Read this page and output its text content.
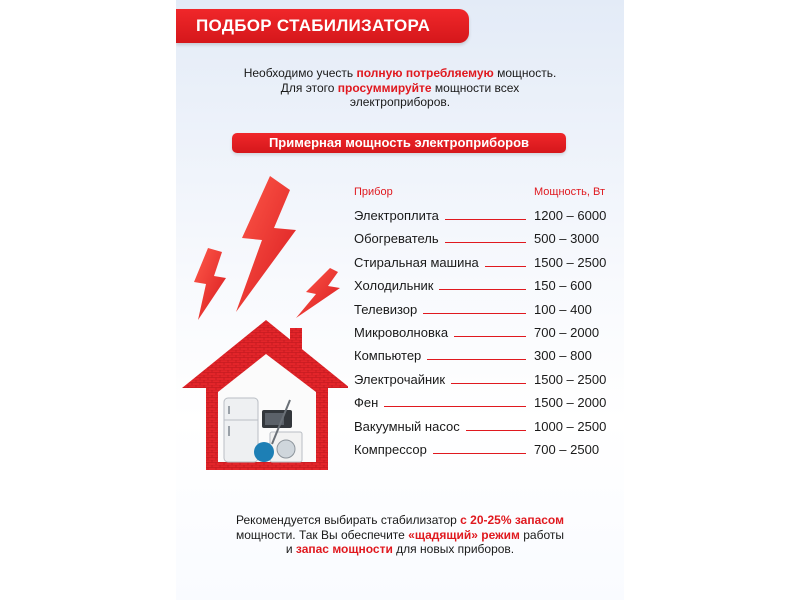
ПОДБОР СТАБИЛИЗАТОРА
Необходимо учесть полную потребляемую мощность.
Для этого просуммируйте мощности всех
электроприборов.
Примерная мощность электроприборов
Прибор	Мощность, Вт
Электроплита	1200 – 6000
Обогреватель	500 – 3000
Стиральная машина	1500 – 2500
Холодильник	150 – 600
Телевизор	100 – 400
Микроволновка	700 – 2000
Компьютер	300 – 800
Электрочайник	1500 – 2500
Фен	1500 – 2000
Вакуумный насос	1000 – 2500
Компрессор	700 – 2500
Рекомендуется выбирать стабилизатор с 20-25% запасом
мощности. Так Вы обеспечите «щадящий» режим работы
и запас мощности для новых приборов.
